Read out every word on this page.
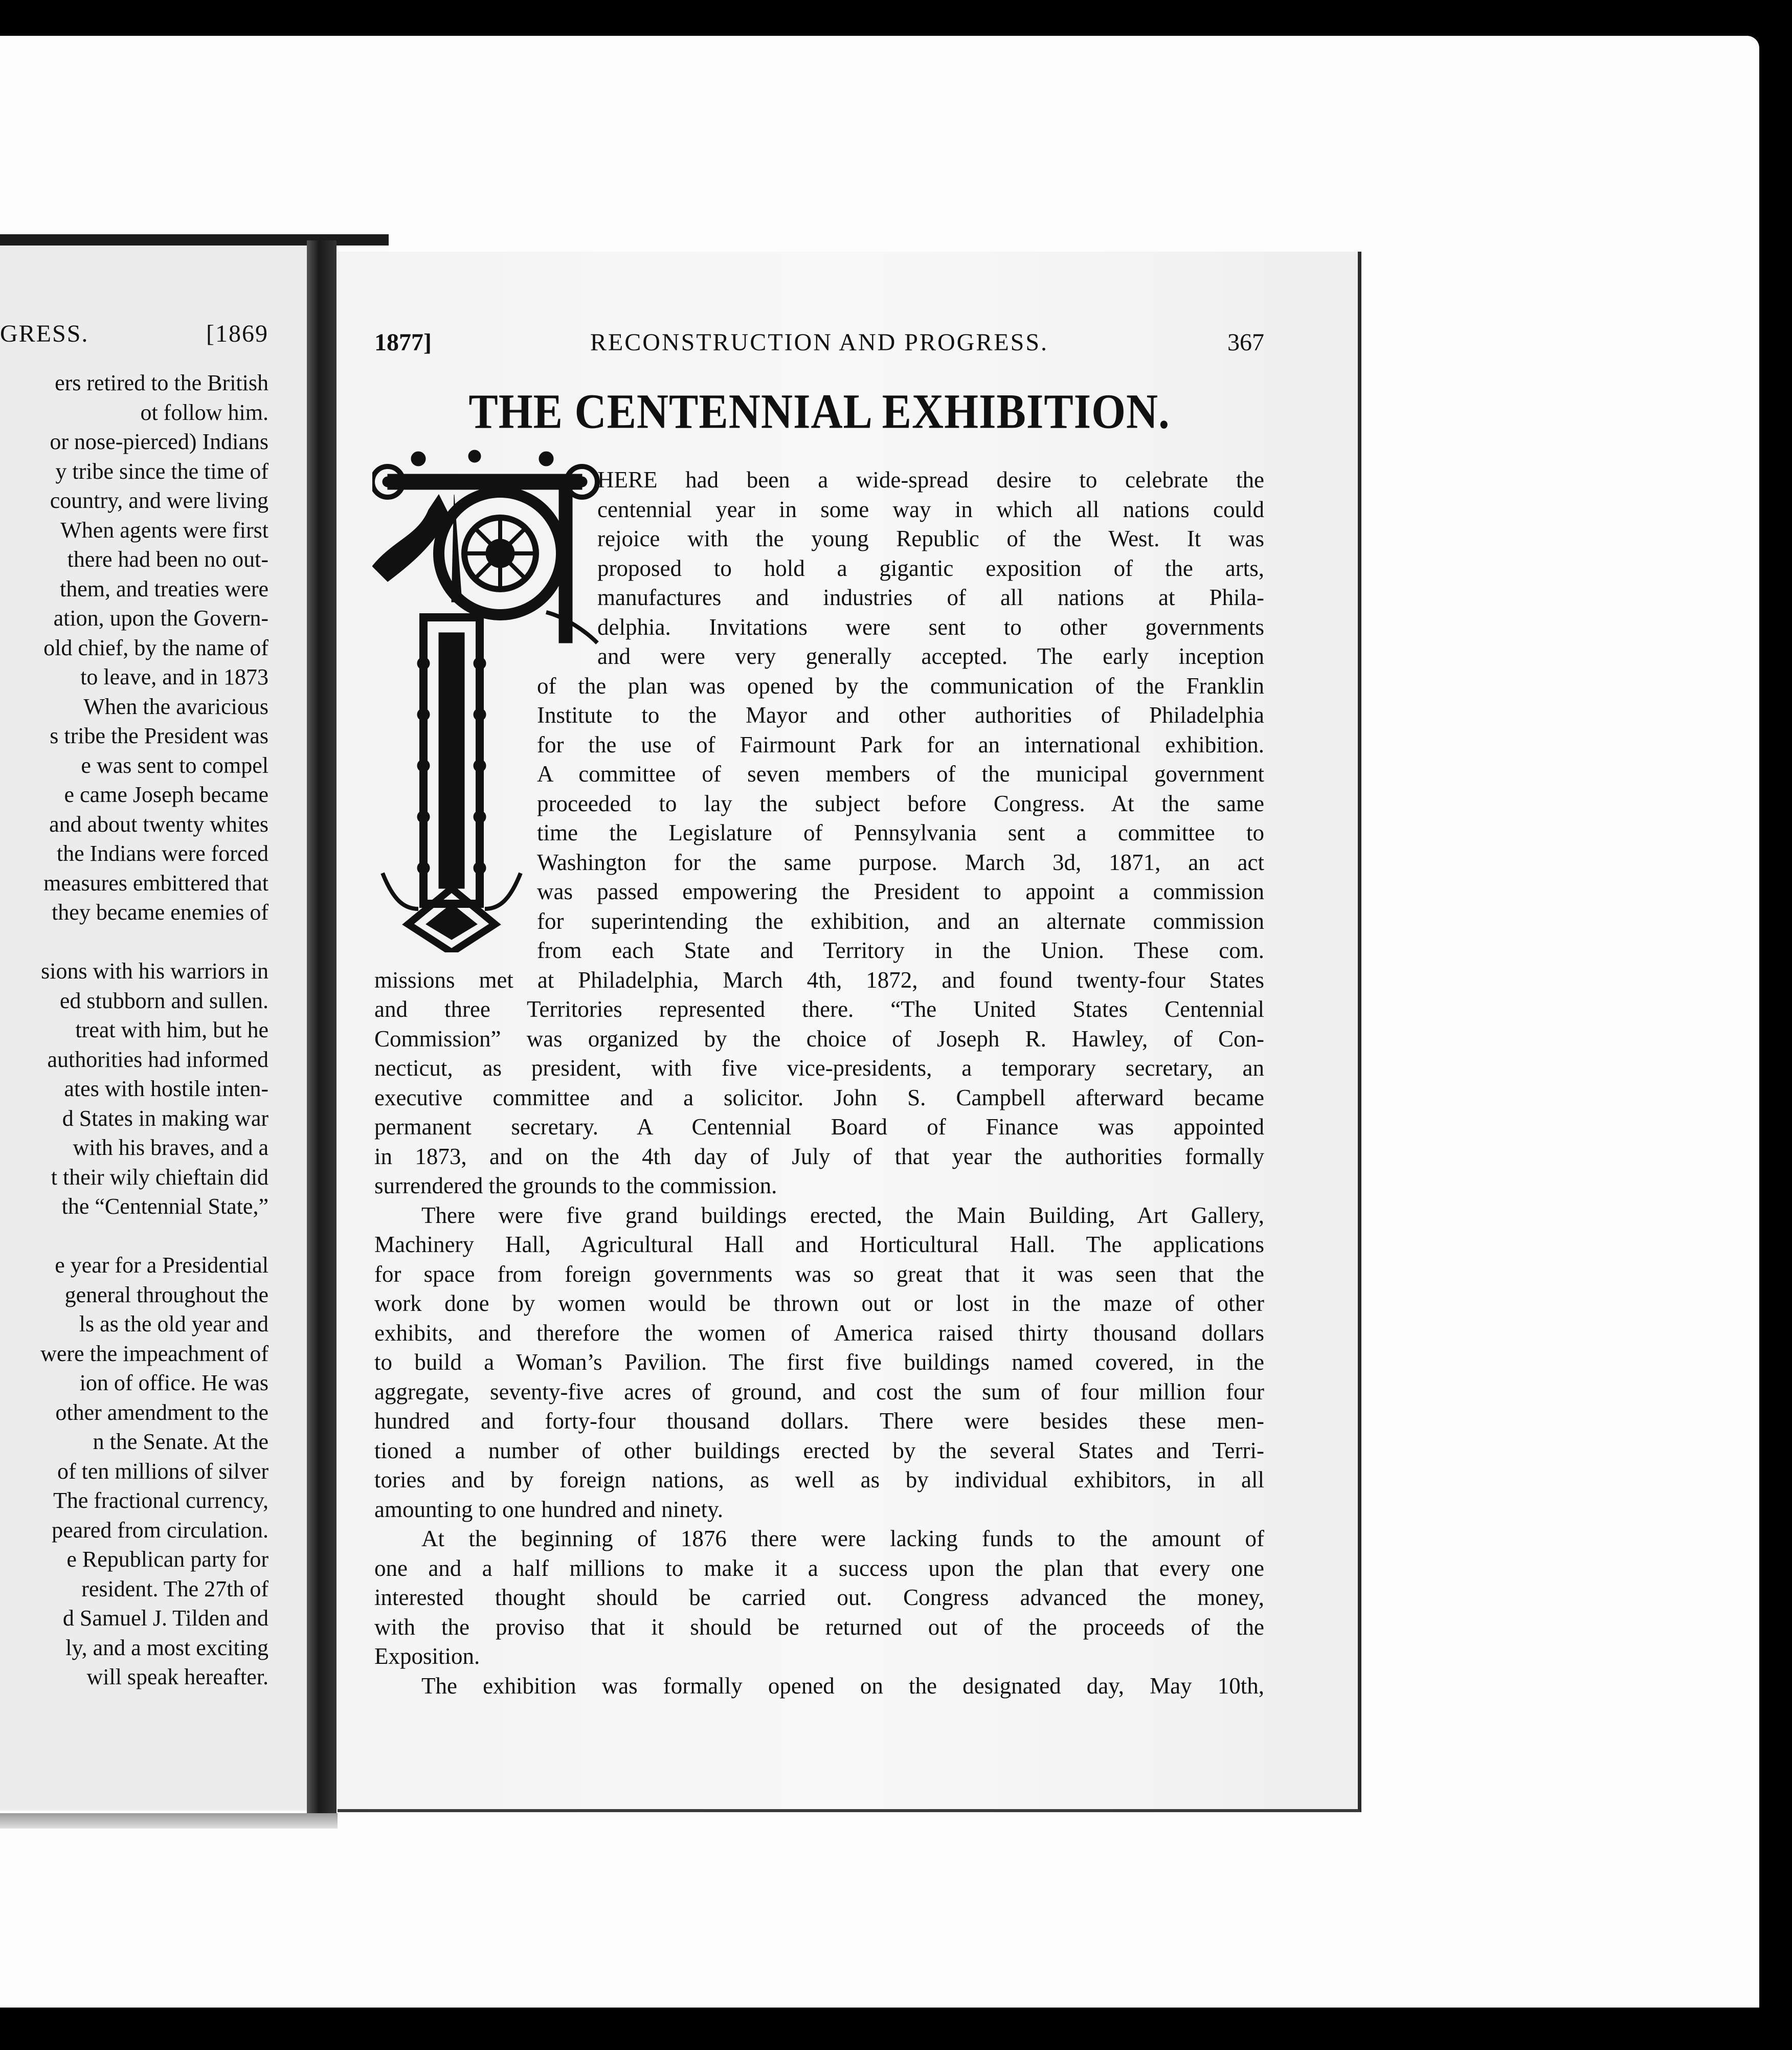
GRESS.	[1869
ers retired to the British
ot follow him.
or nose-pierced) Indians
y tribe since the time of
country, and were living
When agents were first
there had been no out-
them, and treaties were
ation, upon the Govern-
old chief, by the name of
to leave, and in 1873
When the avaricious
s tribe the President was
e was sent to compel
e came Joseph became
and about twenty whites
the Indians were forced
measures embittered that
they became enemies of
sions with his warriors in
ed stubborn and sullen.
treat with him, but he
authorities had informed
ates with hostile inten-
d States in making war
with his braves, and a
t their wily chieftain did
the “Centennial State,”
e year for a Presidential
general throughout the
ls as the old year and
were the impeachment of
ion of office. He was
other amendment to the
n the Senate. At the
of ten millions of silver
The fractional currency,
peared from circulation.
e Republican party for
resident. The 27th of
d Samuel J. Tilden and
ly, and a most exciting
will speak hereafter.
1877]	RECONSTRUCTION AND PROGRESS.	367
THE CENTENNIAL EXHIBITION.
HERE had been a wide-spread desire to celebrate the
centennial year in some way in which all nations could
rejoice with the young Republic of the West. It was
proposed to hold a gigantic exposition of the arts,
manufactures and industries of all nations at Phila-
delphia. Invitations were sent to other governments
and were very generally accepted. The early inception
of the plan was opened by the communication of the Franklin
Institute to the Mayor and other authorities of Philadelphia
for the use of Fairmount Park for an international exhibition.
A committee of seven members of the municipal government
proceeded to lay the subject before Congress. At the same
time the Legislature of Pennsylvania sent a committee to
Washington for the same purpose. March 3d, 1871, an act
was passed empowering the President to appoint a commission
for superintending the exhibition, and an alternate commission
from each State and Territory in the Union. These com.
missions met at Philadelphia, March 4th, 1872, and found twenty-four States
and three Territories represented there. “The United States Centennial
Commission” was organized by the choice of Joseph R. Hawley, of Con-
necticut, as president, with five vice-presidents, a temporary secretary, an
executive committee and a solicitor. John S. Campbell afterward became
permanent secretary. A Centennial Board of Finance was appointed
in 1873, and on the 4th day of July of that year the authorities formally
surrendered the grounds to the commission.
There were five grand buildings erected, the Main Building, Art Gallery,
Machinery Hall, Agricultural Hall and Horticultural Hall. The applications
for space from foreign governments was so great that it was seen that the
work done by women would be thrown out or lost in the maze of other
exhibits, and therefore the women of America raised thirty thousand dollars
to build a Woman’s Pavilion. The first five buildings named covered, in the
aggregate, seventy-five acres of ground, and cost the sum of four million four
hundred and forty-four thousand dollars. There were besides these men-
tioned a number of other buildings erected by the several States and Terri-
tories and by foreign nations, as well as by individual exhibitors, in all
amounting to one hundred and ninety.
At the beginning of 1876 there were lacking funds to the amount of
one and a half millions to make it a success upon the plan that every one
interested thought should be carried out. Congress advanced the money,
with the proviso that it should be returned out of the proceeds of the
Exposition.
The exhibition was formally opened on the designated day, May 10th,
